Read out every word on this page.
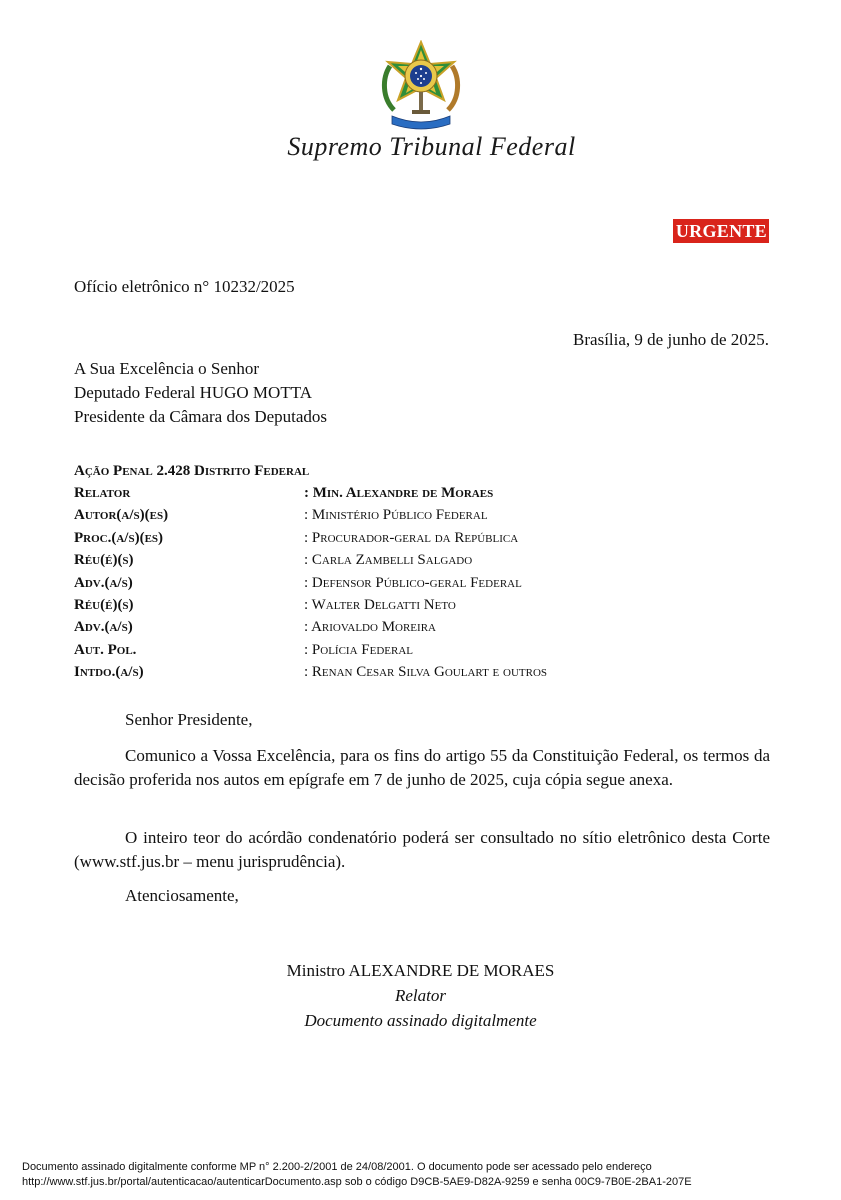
Supremo Tribunal Federal
URGENTE
Ofício eletrônico n° 10232/2025
Brasília, 9 de junho de 2025.
A Sua Excelência o Senhor
Deputado Federal HUGO MOTTA
Presidente da Câmara dos Deputados
Ação Penal 2.428 Distrito Federal
Relator	: Min. Alexandre de Moraes
Autor(a/s)(es)	: Ministério Público Federal
Proc.(a/s)(es)	: Procurador-geral da República
Réu(é)(s)	: Carla Zambelli Salgado
Adv.(a/s)	: Defensor Público-geral Federal
Réu(é)(s)	: Walter Delgatti Neto
Adv.(a/s)	: Ariovaldo Moreira
Aut. Pol.	: Polícia Federal
Intdo.(a/s)	: Renan Cesar Silva Goulart e outros
Senhor Presidente,
Comunico a Vossa Excelência, para os fins do artigo 55 da Constituição Federal, os termos da decisão proferida nos autos em epígrafe em 7 de junho de 2025, cuja cópia segue anexa.
O inteiro teor do acórdão condenatório poderá ser consultado no sítio eletrônico desta Corte (www.stf.jus.br – menu jurisprudência).
Atenciosamente,
Ministro ALEXANDRE DE MORAES
Relator
Documento assinado digitalmente
Documento assinado digitalmente conforme MP n° 2.200-2/2001 de 24/08/2001. O documento pode ser acessado pelo endereço
http://www.stf.jus.br/portal/autenticacao/autenticarDocumento.asp sob o código D9CB-5AE9-D82A-9259 e senha 00C9-7B0E-2BA1-207E
